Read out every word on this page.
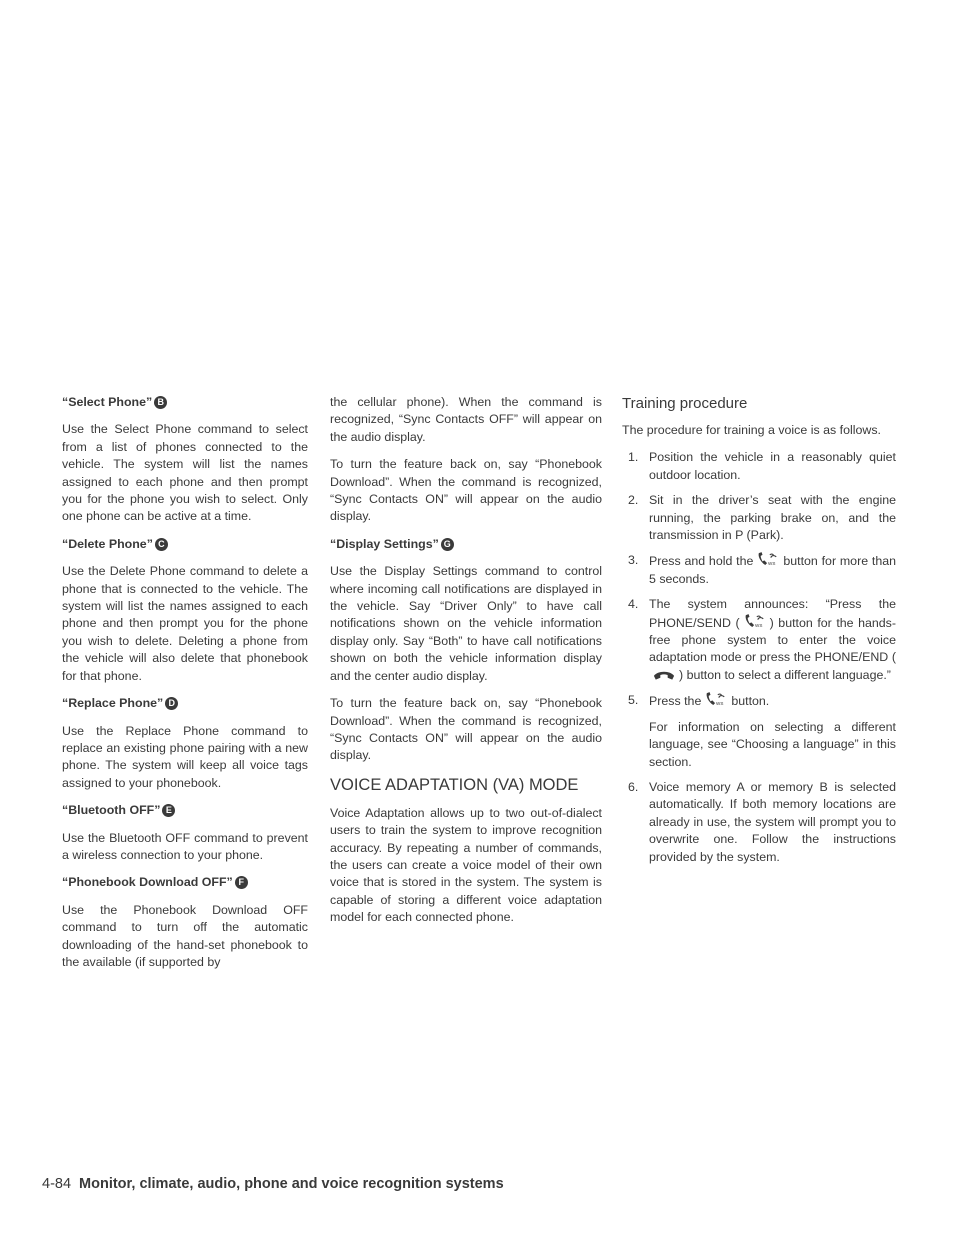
“Select Phone” B

Use the Select Phone command to select from a list of phones connected to the vehicle. The system will list the names assigned to each phone and then prompt you for the phone you wish to select. Only one phone can be active at a time.

“Delete Phone” C

Use the Delete Phone command to delete a phone that is connected to the vehicle. The system will list the names assigned to each phone and then prompt you for the phone you wish to delete. Deleting a phone from the vehicle will also delete that phonebook for that phone.

“Replace Phone” D

Use the Replace Phone command to replace an existing phone pairing with a new phone. The system will keep all voice tags assigned to your phonebook.

“Bluetooth OFF” E

Use the Bluetooth OFF command to prevent a wireless connection to your phone.

“Phonebook Download OFF” F

Use the Phonebook Download OFF command to turn off the automatic downloading of the hand-set phonebook to the available (if supported by

the cellular phone). When the command is recognized, “Sync Contacts OFF” will appear on the audio display.

To turn the feature back on, say “Phonebook Download”. When the command is recognized, “Sync Contacts ON” will appear on the audio display.

“Display Settings” G

Use the Display Settings command to control where incoming call notifications are displayed in the vehicle. Say “Driver Only” to have call notifications shown on the vehicle information display only. Say “Both” to have call notifications shown on both the vehicle information display and the center audio display.

To turn the feature back on, say “Phonebook Download”. When the command is recognized, “Sync Contacts ON” will appear on the audio display.

VOICE ADAPTATION (VA) MODE

Voice Adaptation allows up to two out-of-dialect users to train the system to improve recognition accuracy. By repeating a number of commands, the users can create a voice model of their own voice that is stored in the system. The system is capable of storing a different voice adaptation model for each connected phone.

Training procedure

The procedure for training a voice is as follows.

1. Position the vehicle in a reasonably quiet outdoor location.
2. Sit in the driver’s seat with the engine running, the parking brake on, and the transmission in P (Park).
3. Press and hold the button for more than 5 seconds.
4. The system announces: “Press the PHONE/SEND ( ) button for the hands-free phone system to enter the voice adaptation mode or press the PHONE/END () button to select a different language.”
5. Press the button.
For information on selecting a different language, see “Choosing a language” in this section.
6. Voice memory A or memory B is selected automatically. If both memory locations are already in use, the system will prompt you to overwrite one. Follow the instructions provided by the system.
4-84 Monitor, climate, audio, phone and voice recognition systems
